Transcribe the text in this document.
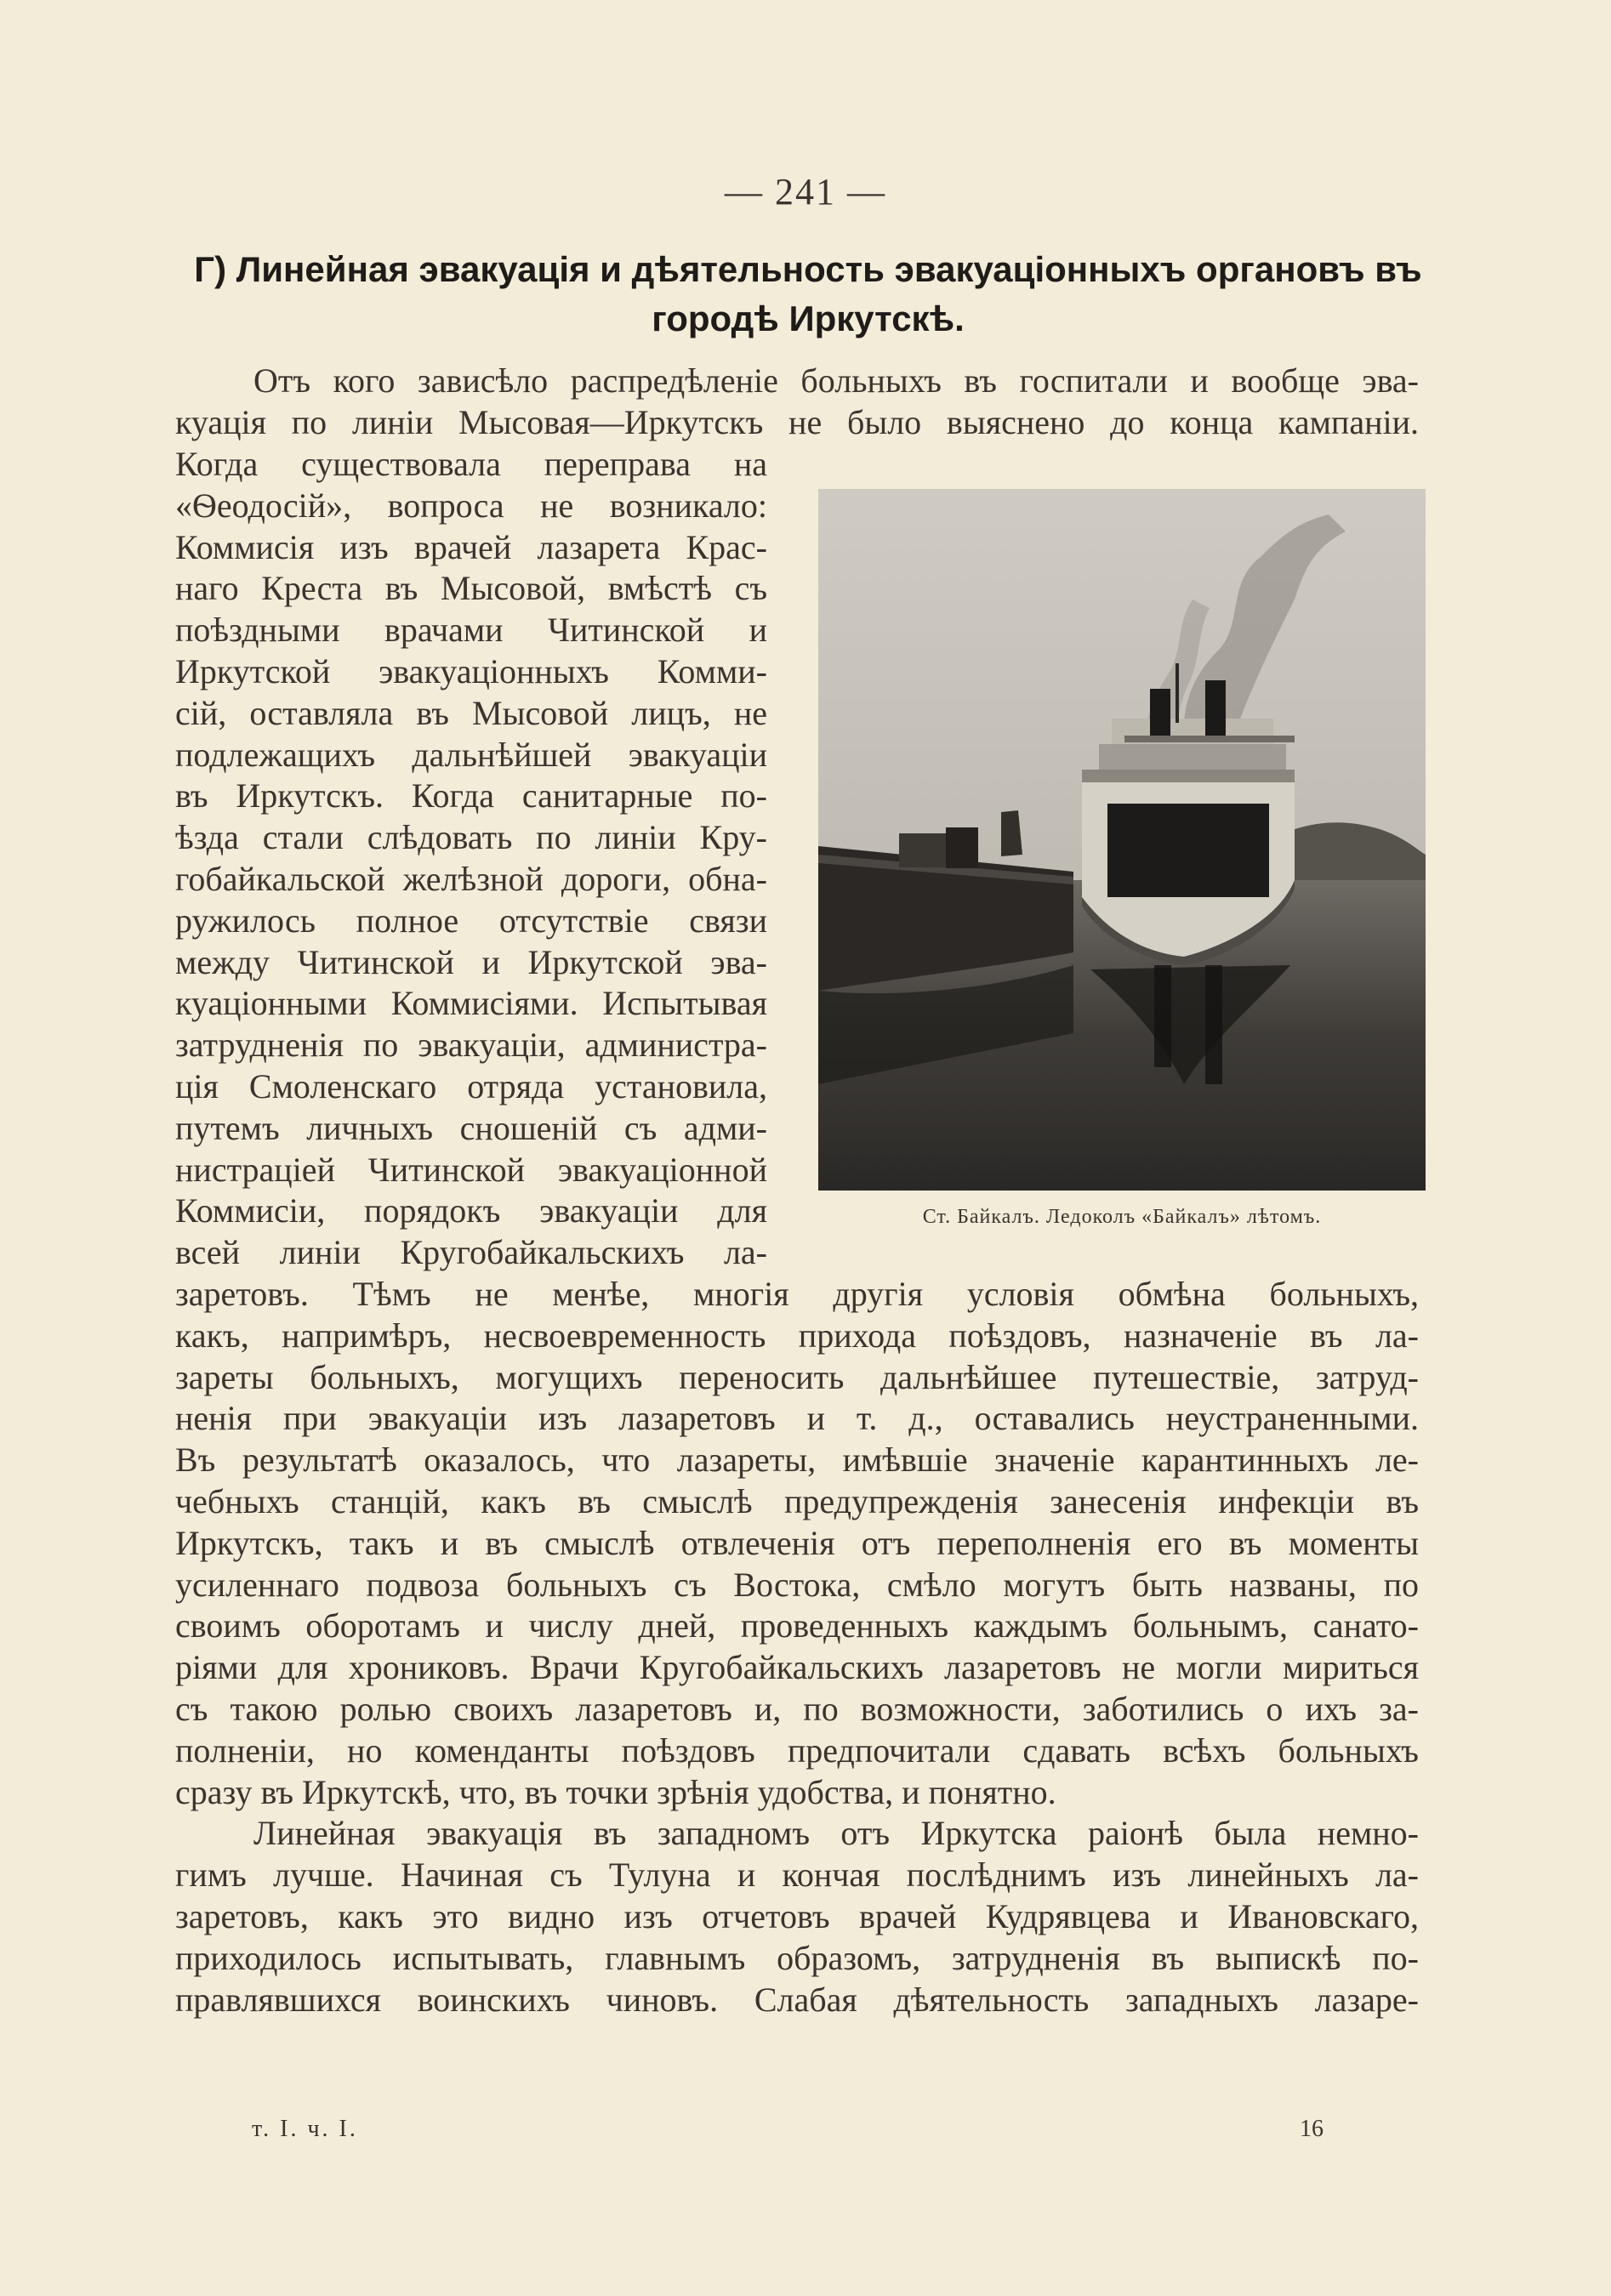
— 241 —
Г) Линейная эвакуація и дѣятельность эвакуаціонныхъ органовъ въ
городѣ Иркутскѣ.
Отъ кого зависѣло распредѣленіе больныхъ въ госпитали и вообще эва-
куація по линіи Мысовая—Иркутскъ не было выяснено до конца кампаніи.
Когда существовала переправа на
«Ѳеодосій», вопроса не возникало:
Коммисія изъ врачей лазарета Крас-
наго Креста въ Мысовой, вмѣстѣ съ
поѣздными врачами Читинской и
Иркутской эвакуаціонныхъ Комми-
сій, оставляла въ Мысовой лицъ, не
подлежащихъ дальнѣйшей эвакуаціи
въ Иркутскъ. Когда санитарные по-
ѣзда стали слѣдовать по линіи Кру-
гобайкальской желѣзной дороги, обна-
ружилось полное отсутствіе связи
между Читинской и Иркутской эва-
куаціонными Коммисіями. Испытывая
затрудненія по эвакуаціи, администра-
ція Смоленскаго отряда установила,
путемъ личныхъ сношеній съ адми-
нистраціей Читинской эвакуаціонной
Коммисіи, порядокъ эвакуаціи для
всей линіи Кругобайкальскихъ ла-
заретовъ. Тѣмъ не менѣе, многія другія условія обмѣна больныхъ,
какъ, напримѣръ, несвоевременность прихода поѣздовъ, назначеніе въ ла-
зареты больныхъ, могущихъ переносить дальнѣйшее путешествіе, затруд-
ненія при эвакуаціи изъ лазаретовъ и т. д., оставались неустраненными.
Въ результатѣ оказалось, что лазареты, имѣвшіе значеніе карантинныхъ ле-
чебныхъ станцій, какъ въ смыслѣ предупрежденія занесенія инфекціи въ
Иркутскъ, такъ и въ смыслѣ отвлеченія отъ переполненія его въ моменты
усиленнаго подвоза больныхъ съ Востока, смѣло могутъ быть названы, по
своимъ оборотамъ и числу дней, проведенныхъ каждымъ больнымъ, санато-
ріями для хрониковъ. Врачи Кругобайкальскихъ лазаретовъ не могли мириться
съ такою ролью своихъ лазаретовъ и, по возможности, заботились о ихъ за-
полненіи, но коменданты поѣздовъ предпочитали сдавать всѣхъ больныхъ
сразу въ Иркутскѣ, что, въ точки зрѣнія удобства, и понятно.
Линейная эвакуація въ западномъ отъ Иркутска раіонѣ была немно-
гимъ лучше. Начиная съ Тулуна и кончая послѣднимъ изъ линейныхъ ла-
заретовъ, какъ это видно изъ отчетовъ врачей Кудрявцева и Ивановскаго,
приходилось испытывать, главнымъ образомъ, затрудненія въ выпискѣ по-
правлявшихся воинскихъ чиновъ. Слабая дѣятельность западныхъ лазаре-
Ст. Байкалъ. Ледоколъ «Байкалъ» лѣтомъ.
т. I. ч. I.	16
